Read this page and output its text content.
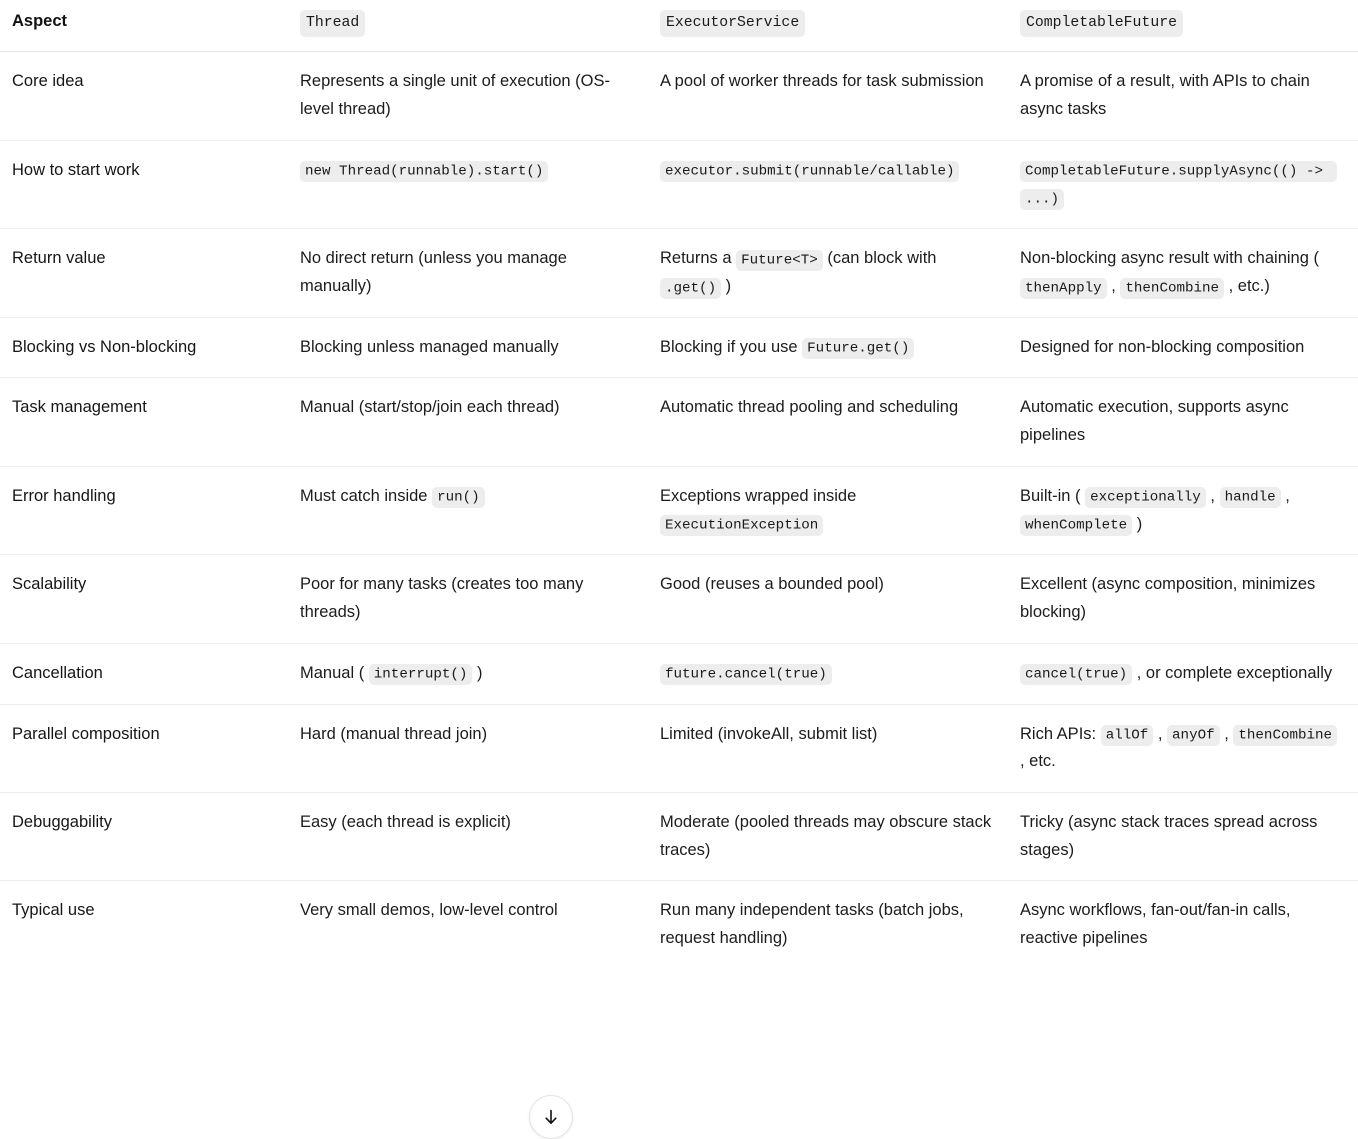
Aspect	Thread	ExecutorService	CompletableFuture
Core idea	Represents a single unit of execution (OS-level thread)	A pool of worker threads for task submission	A promise of a result, with APIs to chain async tasks
How to start work	new Thread(runnable).start()	executor.submit(runnable/callable)	CompletableFuture.supplyAsync(() -> ...)
Return value	No direct return (unless you manage manually)	Returns a Future<T> (can block with .get() )	Non-blocking async result with chaining ( thenApply , thenCombine , etc.)
Blocking vs Non-blocking	Blocking unless managed manually	Blocking if you use Future.get()	Designed for non-blocking composition
Task management	Manual (start/stop/join each thread)	Automatic thread pooling and scheduling	Automatic execution, supports async pipelines
Error handling	Must catch inside run()	Exceptions wrapped inside ExecutionException	Built-in ( exceptionally , handle , whenComplete )
Scalability	Poor for many tasks (creates too many threads)	Good (reuses a bounded pool)	Excellent (async composition, minimizes blocking)
Cancellation	Manual ( interrupt() )	future.cancel(true)	cancel(true) , or complete exceptionally
Parallel composition	Hard (manual thread join)	Limited (invokeAll, submit list)	Rich APIs: allOf , anyOf , thenCombine , etc.
Debuggability	Easy (each thread is explicit)	Moderate (pooled threads may obscure stack traces)	Tricky (async stack traces spread across stages)
Typical use	Very small demos, low-level control	Run many independent tasks (batch jobs, request handling)	Async workflows, fan-out/fan-in calls, reactive pipelines
